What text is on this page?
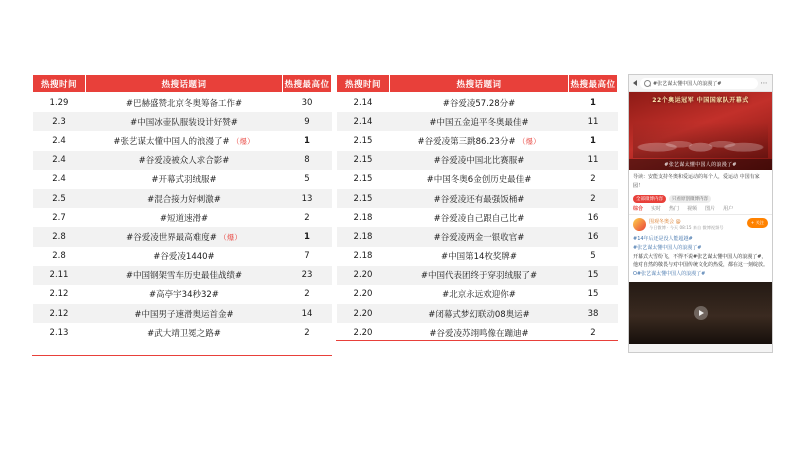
热搜时间	热搜话题词	热搜最高位
1.29	#巴赫盛赞北京冬奥筹备工作#	30
2.3	#中国冰壶队服装设计好赞#	9
2.4	#张艺谋太懂中国人的浪漫了# （爆）	1
2.4	#谷爱凌被众人求合影#	8
2.4	#开幕式羽绒服#	5
2.5	#混合接力好刺激#	13
2.7	#短道速滑#	2
2.8	#谷爱凌世界最高难度# （爆）	1
2.8	#谷爱凌1440#	7
2.11	#中国钢架雪车历史最佳战绩#	23
2.12	#高亭宇34秒32#	2
2.12	#中国男子速滑奥运首金#	14
2.13	#武大靖卫冕之路#	2
热搜时间	热搜话题词	热搜最高位
2.14	#谷爱凌57.28分#	1
2.14	#中国五金追平冬奥最佳#	11
2.15	#谷爱凌第三跳86.23分# （爆）	1
2.15	#谷爱凌中国北比赛服#	11
2.15	#中国冬奥6金创历史最佳#	2
2.15	#谷爱凌还有最强饭桶#	2
2.18	#谷爱凌自己跟自己比#	16
2.18	#谷爱凌两金一银收官#	16
2.18	#中国第14枚奖牌#	5
2.20	#中国代表团终于穿羽绒服了#	15
2.20	#北京永远欢迎你#	15
2.20	#闭幕式梦幻联动08奥运#	38
2.20	#谷爱凌苏翊鸣像在蹦迪#	2
#张艺谋太懂中国人的浪漫了#	⋯
22个奥运冠军 中国国家队开幕式
#张艺谋太懂中国人的浪漫了#
导读：安能支持冬奥和爱运动的每个人，爱运动 中国有家园！
全部微博内容	只看原创微博内容
综合 实时 热门 视频 图片 用户
围观冬奥会 @
今日微博 · 今天 08:15 来自 微博视频号
+ 关注
#14年后还是没人能超越#
#张艺谋太懂中国人的浪漫了#
开幕式大雪纷飞，不得不说#张艺谋太懂中国人的浪漫了#，他对自然的敬畏与对中国传统文化的热爱，都在这一刻绽放。
O#张艺谋太懂中国人的浪漫了#
